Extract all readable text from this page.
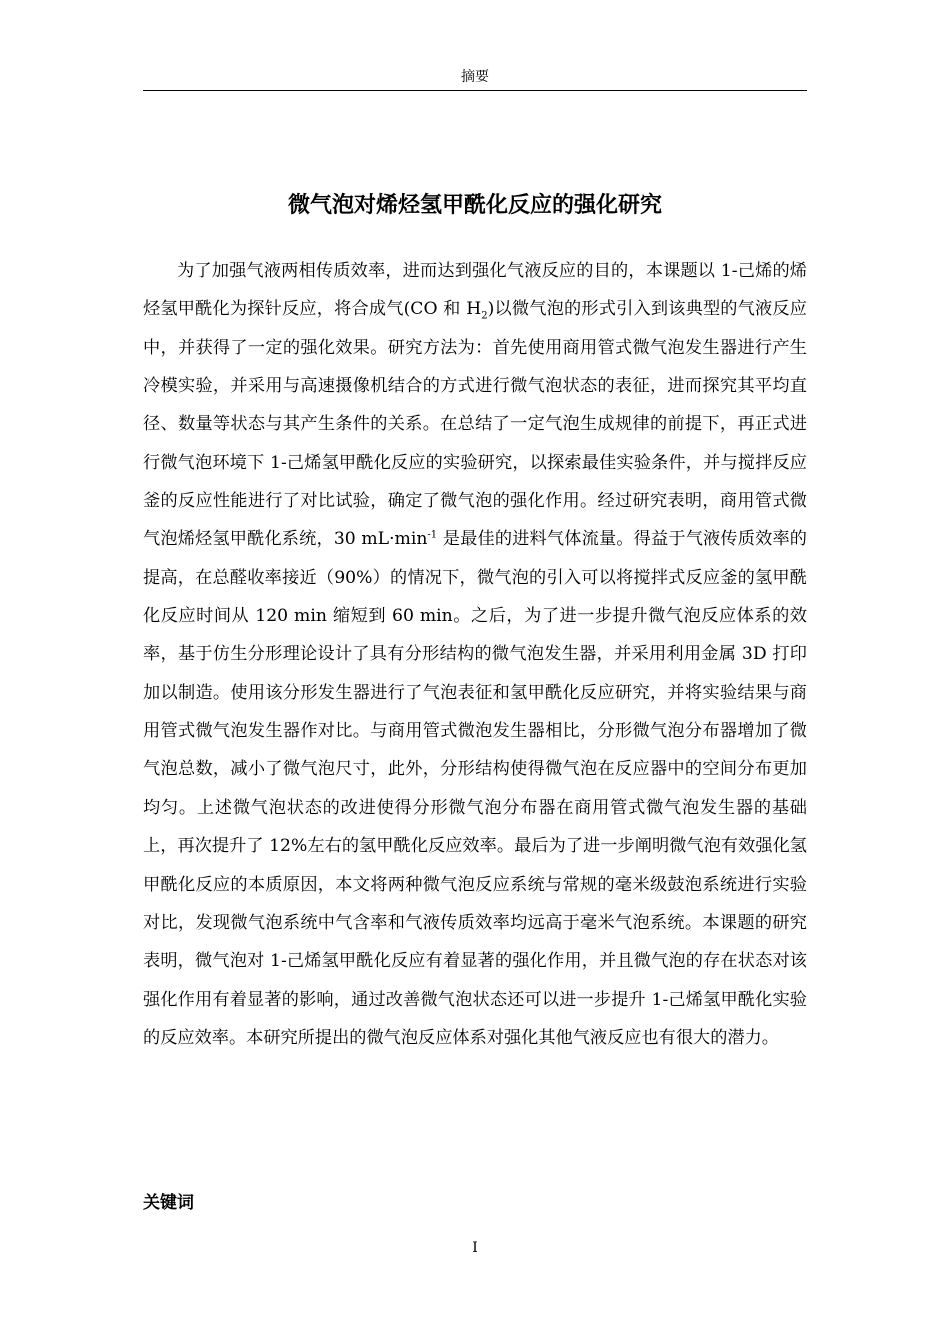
摘要
微气泡对烯烃氢甲酰化反应的强化研究

为了加强气液两相传质效率，进而达到强化气液反应的目的，本课题以 1-己烯的烯烃氢甲酰化为探针反应，将合成气(CO 和 $H_2$)以微气泡的形式引入到该典型的气液反应中，并获得了一定的强化效果。研究方法为：首先使用商用管式微气泡发生器进行产生冷模实验，并采用与高速摄像机结合的方式进行微气泡状态的表征，进而探究其平均直径、数量等状态与其产生条件的关系。在总结了一定气泡生成规律的前提下，再正式进行微气泡环境下 1-己烯氢甲酰化反应的实验研究，以探索最佳实验条件，并与搅拌反应釜的反应性能进行了对比试验，确定了微气泡的强化作用。经过研究表明，商用管式微气泡烯烃氢甲酰化系统，30 $mL\cdot\min^{-1}$ 是最佳的进料气体流量。得益于气液传质效率的提高，在总醛收率接近（90%）的情况下，微气泡的引入可以将搅拌式反应釜的氢甲酰化反应时间从 120 min 缩短到 60 min。之后，为了进一步提升微气泡反应体系的效率，基于仿生分形理论设计了具有分形结构的微气泡发生器，并采用利用金属 3D 打印加以制造。使用该分形发生器进行了气泡表征和氢甲酰化反应研究，并将实验结果与商用管式微气泡发生器作对比。与商用管式微泡发生器相比，分形微气泡分布器增加了微气泡总数，减小了微气泡尺寸，此外，分形结构使得微气泡在反应器中的空间分布更加均匀。上述微气泡状态的改进使得分形微气泡分布器在商用管式微气泡发生器的基础上，再次提升了 12%左右的氢甲酰化反应效率。最后为了进一步阐明微气泡有效强化氢甲酰化反应的本质原因，本文将两种微气泡反应系统与常规的毫米级鼓泡系统进行实验对比，发现微气泡系统中气含率和气液传质效率均远高于毫米气泡系统。本课题的研究表明，微气泡对 1-己烯氢甲酰化反应有着显著的强化作用，并且微气泡的存在状态对该强化作用有着显著的影响，通过改善微气泡状态还可以进一步提升 1-己烯氢甲酰化实验的反应效率。本研究所提出的微气泡反应体系对强化其他气液反应也有很大的潜力。

关键词

I
